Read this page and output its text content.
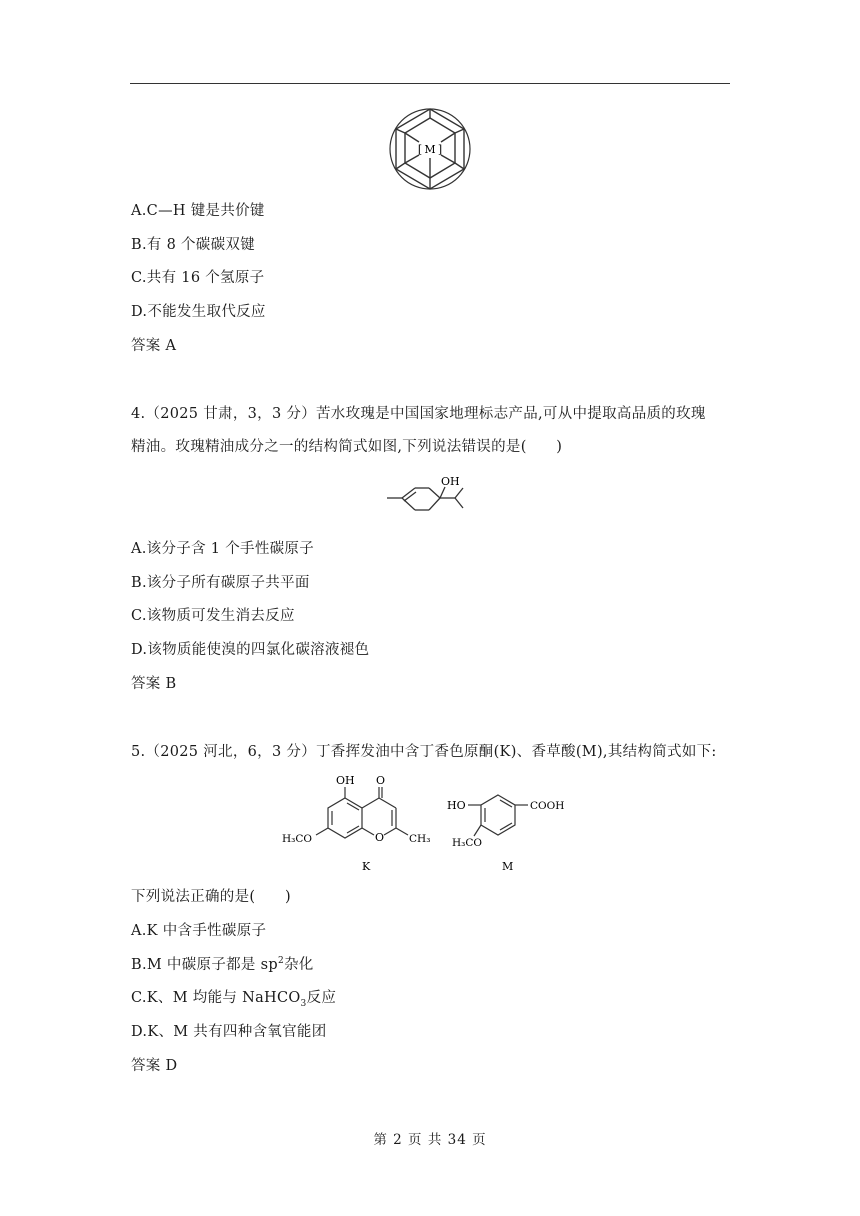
M
[ ]
A.C—H 键是共价键
B.有 8 个碳碳双键
C.共有 16 个氢原子
D.不能发生取代反应
答案 A
4.（2025 甘肃，3，3 分）苦水玫瑰是中国国家地理标志产品,可从中提取高品质的玫瑰
精油。玫瑰精油成分之一的结构简式如图,下列说法错误的是(　　)
OH
A.该分子含 1 个手性碳原子
B.该分子所有碳原子共平面
C.该物质可发生消去反应
D.该物质能使溴的四氯化碳溶液褪色
答案 B
5.（2025 河北，6，3 分）丁香挥发油中含丁香色原酮(K)、香草酸(M),其结构简式如下:
OH O
O
H₃CO	CH₃
K
HO	COOH
H₃CO
M
下列说法正确的是(　　)
A.K 中含手性碳原子
B.M 中碳原子都是 $sp^2$杂化
C.K、M 均能与 NaHCO$_3$反应
D.K、M 共有四种含氧官能团
答案 D
第 2 页 共 34 页
